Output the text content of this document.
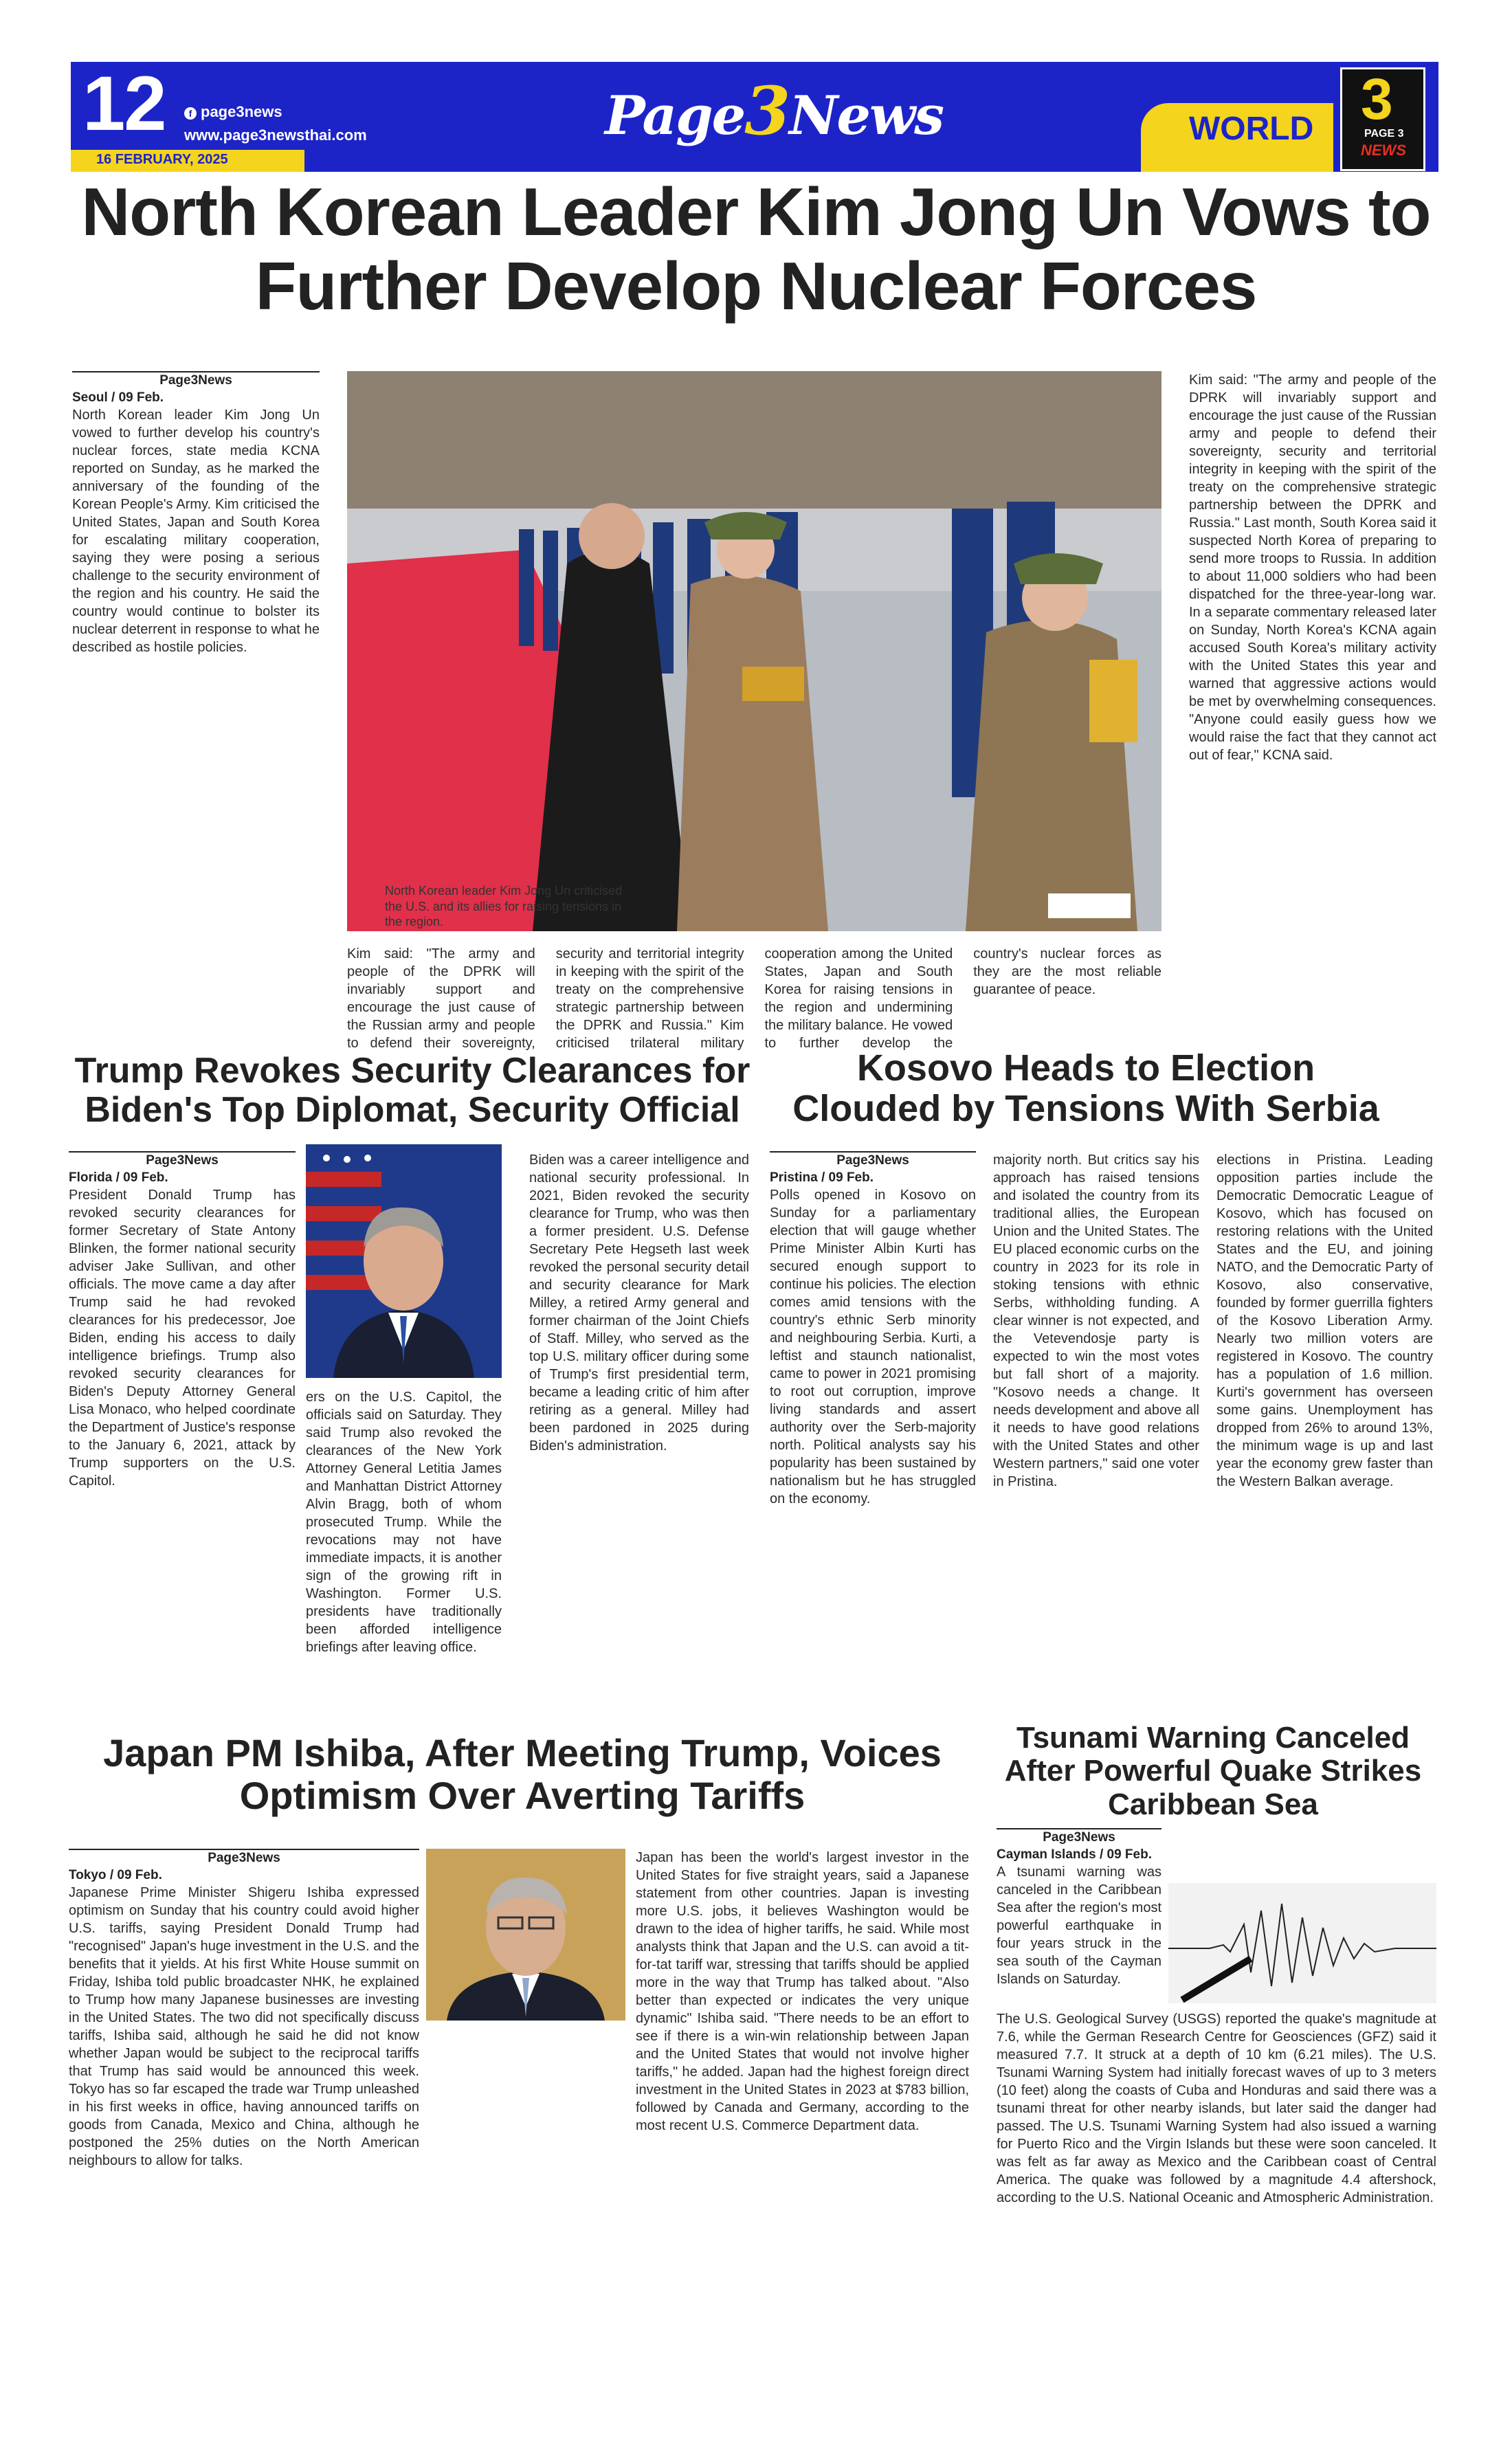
12	f page3news
www.page3newsthai.com
16 FEBRUARY, 2025
Page3News	WORLD 3
PAGE 3
NEWS
North Korean Leader Kim Jong Un Vows to Further Develop Nuclear Forces
Page3News
Seoul / 09 Feb.

North Korean leader Kim Jong Un vowed to further develop his country's nuclear forces, state media KCNA reported on Sunday, as he marked the anniversary of the founding of the Korean People's Army. Kim criticised the United States, Japan and South Korea for escalating military cooperation, saying they were posing a serious challenge to the security environment of the region and his country. He said the country would continue to bolster its nuclear deterrent in response to what he described as hostile policies.

North Korean leader Kim Jong Un criticised the U.S. and its allies for raising tensions in the region.

Kim said: "The army and people of the DPRK will invariably support and encourage the just cause of the Russian army and people to defend their sovereignty, security and territorial integrity in keeping with the spirit of the treaty on the comprehensive strategic partnership between the DPRK and Russia." Kim criticised trilateral military cooperation among the United States, Japan and South Korea for raising tensions in the region and undermining the military balance. He vowed to further develop the country's nuclear forces as they are the most reliable guarantee of peace.

Kim said: "The army and people of the DPRK will invariably support and encourage the just cause of the Russian army and people to defend their sovereignty, security and territorial integrity in keeping with the spirit of the treaty on the comprehensive strategic partnership between the DPRK and Russia." Last month, South Korea said it suspected North Korea of preparing to send more troops to Russia. In addition to about 11,000 soldiers who had been dispatched for the three-year-long war. In a separate commentary released later on Sunday, North Korea's KCNA again accused South Korea's military activity with the United States this year and warned that aggressive actions would be met by overwhelming consequences. "Anyone could easily guess how we would raise the fact that they cannot act out of fear," KCNA said.

Trump Revokes Security Clearances for Biden's Top Diplomat, Security Official
Page3News
Florida / 09 Feb.

President Donald Trump has revoked security clearances for former Secretary of State Antony Blinken, the former national security adviser Jake Sullivan, and other officials. The move came a day after Trump said he had revoked clearances for his predecessor, Joe Biden, ending his access to daily intelligence briefings. Trump also revoked security clearances for Biden's Deputy Attorney General Lisa Monaco, who helped coordinate the Department of Justice's response to the January 6, 2021, attack by Trump supporters on the U.S. Capitol.

ers on the U.S. Capitol, the officials said on Saturday. They said Trump also revoked the clearances of the New York Attorney General Letitia James and Manhattan District Attorney Alvin Bragg, both of whom prosecuted Trump. While the revocations may not have immediate impacts, it is another sign of the growing rift in Washington. Former U.S. presidents have traditionally been afforded intelligence briefings after leaving office.

Biden was a career intelligence and national security professional. In 2021, Biden revoked the security clearance for Trump, who was then a former president. U.S. Defense Secretary Pete Hegseth last week revoked the personal security detail and security clearance for Mark Milley, a retired Army general and former chairman of the Joint Chiefs of Staff. Milley, who served as the top U.S. military officer during some of Trump's first presidential term, became a leading critic of him after retiring as a general. Milley had been pardoned in 2025 during Biden's administration.

Kosovo Heads to Election Clouded by Tensions With Serbia
Page3News
Pristina / 09 Feb.

Polls opened in Kosovo on Sunday for a parliamentary election that will gauge whether Prime Minister Albin Kurti has secured enough support to continue his policies. The election comes amid tensions with the country's ethnic Serb minority and neighbouring Serbia. Kurti, a leftist and staunch nationalist, came to power in 2021 promising to root out corruption, improve living standards and assert authority over the Serb-majority north. Political analysts say his popularity has been sustained by nationalism but he has struggled on the economy.

majority north. But critics say his approach has raised tensions and isolated the country from its traditional allies, the European Union and the United States. The EU placed economic curbs on the country in 2023 for its role in stoking tensions with ethnic Serbs, withholding funding. A clear winner is not expected, and the Vetevendosje party is expected to win the most votes but fall short of a majority. "Kosovo needs a change. It needs development and above all it needs to have good relations with the United States and other Western partners," said one voter in Pristina.

elections in Pristina. Leading opposition parties include the Democratic Democratic League of Kosovo, which has focused on restoring relations with the United States and the EU, and joining NATO, and the Democratic Party of Kosovo, also conservative, founded by former guerrilla fighters of the Kosovo Liberation Army. Nearly two million voters are registered in Kosovo. The country has a population of 1.6 million. Kurti's government has overseen some gains. Unemployment has dropped from 26% to around 13%, the minimum wage is up and last year the economy grew faster than the Western Balkan average.

Japan PM Ishiba, After Meeting Trump, Voices Optimism Over Averting Tariffs
Page3News
Tokyo / 09 Feb.

Japanese Prime Minister Shigeru Ishiba expressed optimism on Sunday that his country could avoid higher U.S. tariffs, saying President Donald Trump had "recognised" Japan's huge investment in the U.S. and the benefits that it yields. At his first White House summit on Friday, Ishiba told public broadcaster NHK, he explained to Trump how many Japanese businesses are investing in the United States. The two did not specifically discuss tariffs, Ishiba said, although he said he did not know whether Japan would be subject to the reciprocal tariffs that Trump has said would be announced this week. Tokyo has so far escaped the trade war Trump unleashed in his first weeks in office, having announced tariffs on goods from Canada, Mexico and China, although he postponed the 25% duties on the North American neighbours to allow for talks.

Japan has been the world's largest investor in the United States for five straight years, said a Japanese statement from other countries. Japan is investing more U.S. jobs, it believes Washington would be drawn to the idea of higher tariffs, he said. While most analysts think that Japan and the U.S. can avoid a tit-for-tat tariff war, stressing that tariffs should be applied more in the way that Trump has talked about. "Also better than expected or indicates the very unique dynamic" Ishiba said. "There needs to be an effort to see if there is a win-win relationship between Japan and the United States that would not involve higher tariffs," he added. Japan had the highest foreign direct investment in the United States in 2023 at $783 billion, followed by Canada and Germany, according to the most recent U.S. Commerce Department data.

Tsunami Warning Canceled After Powerful Quake Strikes Caribbean Sea
Page3News
Cayman Islands / 09 Feb.

A tsunami warning was canceled in the Caribbean Sea after the region's most powerful earthquake in four years struck in the sea south of the Cayman Islands on Saturday.

The U.S. Geological Survey (USGS) reported the quake's magnitude at 7.6, while the German Research Centre for Geosciences (GFZ) said it measured 7.7. It struck at a depth of 10 km (6.21 miles). The U.S. Tsunami Warning System had initially forecast waves of up to 3 meters (10 feet) along the coasts of Cuba and Honduras and said there was a tsunami threat for other nearby islands, but later said the danger had passed. The U.S. Tsunami Warning System had also issued a warning for Puerto Rico and the Virgin Islands but these were soon canceled. It was felt as far away as Mexico and the Caribbean coast of Central America. The quake was followed by a magnitude 4.4 aftershock, according to the U.S. National Oceanic and Atmospheric Administration.
